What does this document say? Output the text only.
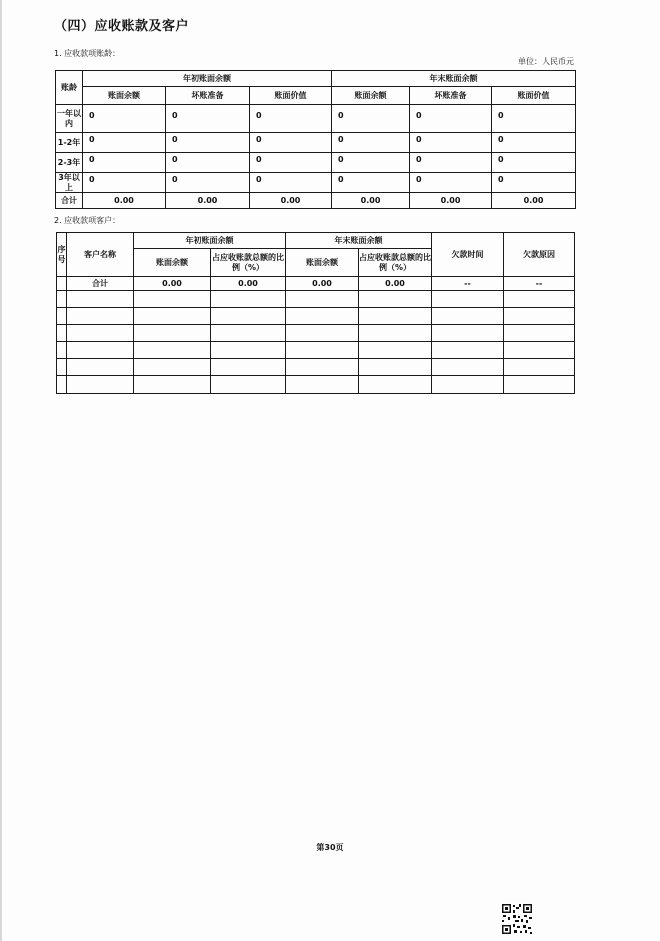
（四）应收账款及客户
1. 应收款项账龄：
单位：人民币元
账龄	年初账面余额			年末账面余额		
	账面余额	坏账准备	账面价值	账面余额	坏账准备	账面价值
一年以内	0	0	0	0	0	0
1-2年	0	0	0	0	0	0
2-3年	0	0	0	0	0	0
3年以上	0	0	0	0	0	0
合计	0.00	0.00	0.00	0.00	0.00	0.00
2. 应收款项客户：
序号	客户名称	年初账面余额		年末账面余额		欠款时间	欠款原因
		账面余额	占应收账款总额的比例（%）	账面余额	占应收账款总额的比例（%）		
	合计	0.00	0.00	0.00	0.00	--	--

第30页
